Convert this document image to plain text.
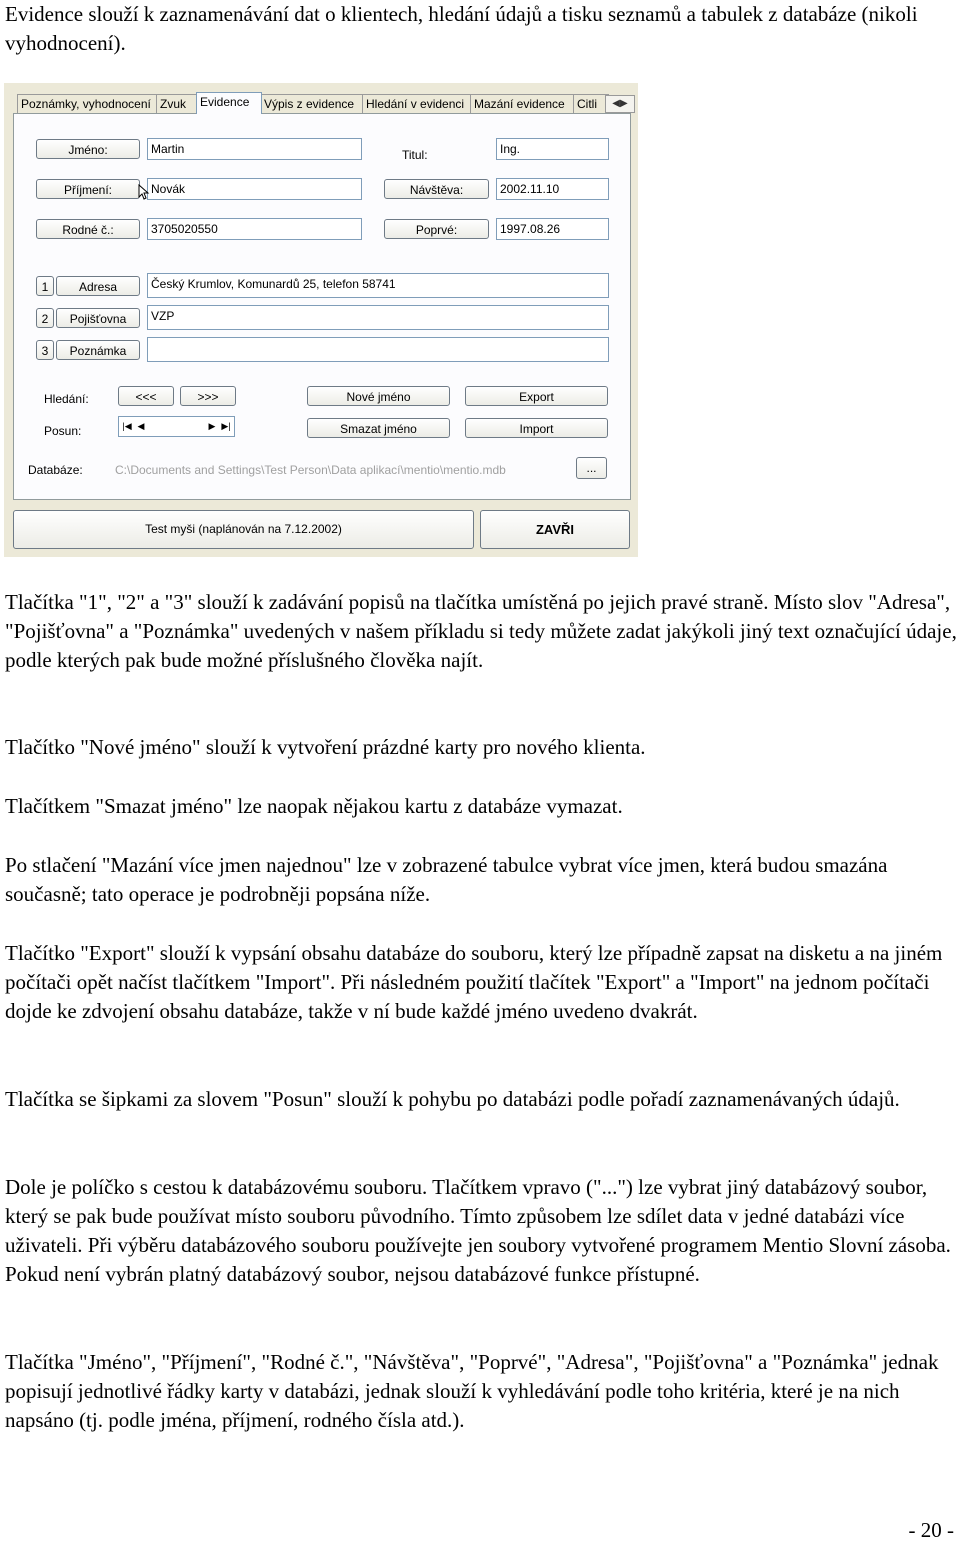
Evidence slouží k zaznamenávání dat o klientech, hledání údajů a tisku seznamů a tabulek z databáze (nikoli vyhodnocení).

Poznámky, vyhodnocení Zvuk	Evidence	Výpis z evidence Hledání v evidenci Mazání evidence	Citli	◀▶
Jméno:	Martin	Titul:	Ing.
Příjmení:	Novák	Návštěva:	2002.11.10
Rodné č.:	3705020550	Poprvé:	1997.08.26
1	Adresa	Český Krumlov, Komunardů 25, telefon 58741
2	Pojišťovna	VZP
3	Poznámka
Hledání:	<<<	>>>	Nové jméno	Export
Posun:	|◀ ◀	▶ ▶|	Smazat jméno	Import
Databáze:	C:\Documents and Settings\Test Person\Data aplikací\mentio\mentio.mdb	...
Test myši (naplánován na 7.12.2002)	ZAVŘI

Tlačítka "1", "2" a "3" slouží k zadávání popisů na tlačítka umístěná po jejich pravé straně. Místo slov "Adresa", "Pojišťovna" a "Poznámka" uvedených v našem příkladu si tedy můžete zadat jakýkoli jiný text označující údaje, podle kterých pak bude možné příslušného člověka najít.

Tlačítko "Nové jméno" slouží k vytvoření prázdné karty pro nového klienta.

Tlačítkem "Smazat jméno" lze naopak nějakou kartu z databáze vymazat.

Po stlačení "Mazání více jmen najednou" lze v zobrazené tabulce vybrat více jmen, která budou smazána současně; tato operace je podrobněji popsána níže.

Tlačítko "Export" slouží k vypsání obsahu databáze do souboru, který lze případně zapsat na disketu a na jiném počítači opět načíst tlačítkem "Import". Při následném použití tlačítek "Export" a "Import" na jednom počítači dojde ke zdvojení obsahu databáze, takže v ní bude každé jméno uvedeno dvakrát.

Tlačítka se šipkami za slovem "Posun" slouží k pohybu po databázi podle pořadí zaznamenávaných údajů.

Dole je políčko s cestou k databázovému souboru. Tlačítkem vpravo ("...") lze vybrat jiný databázový soubor, který se pak bude používat místo souboru původního. Tímto způsobem lze sdílet data v jedné databázi více uživateli. Při výběru databázového souboru používejte jen soubory vytvořené programem Mentio Slovní zásoba. Pokud není vybrán platný databázový soubor, nejsou databázové funkce přístupné.

Tlačítka "Jméno", "Příjmení", "Rodné č.", "Návštěva", "Poprvé", "Adresa", "Pojišťovna" a "Poznámka" jednak popisují jednotlivé řádky karty v databázi, jednak slouží k vyhledávání podle toho kritéria, které je na nich napsáno (tj. podle jména, příjmení, rodného čísla atd.).

- 20 -
